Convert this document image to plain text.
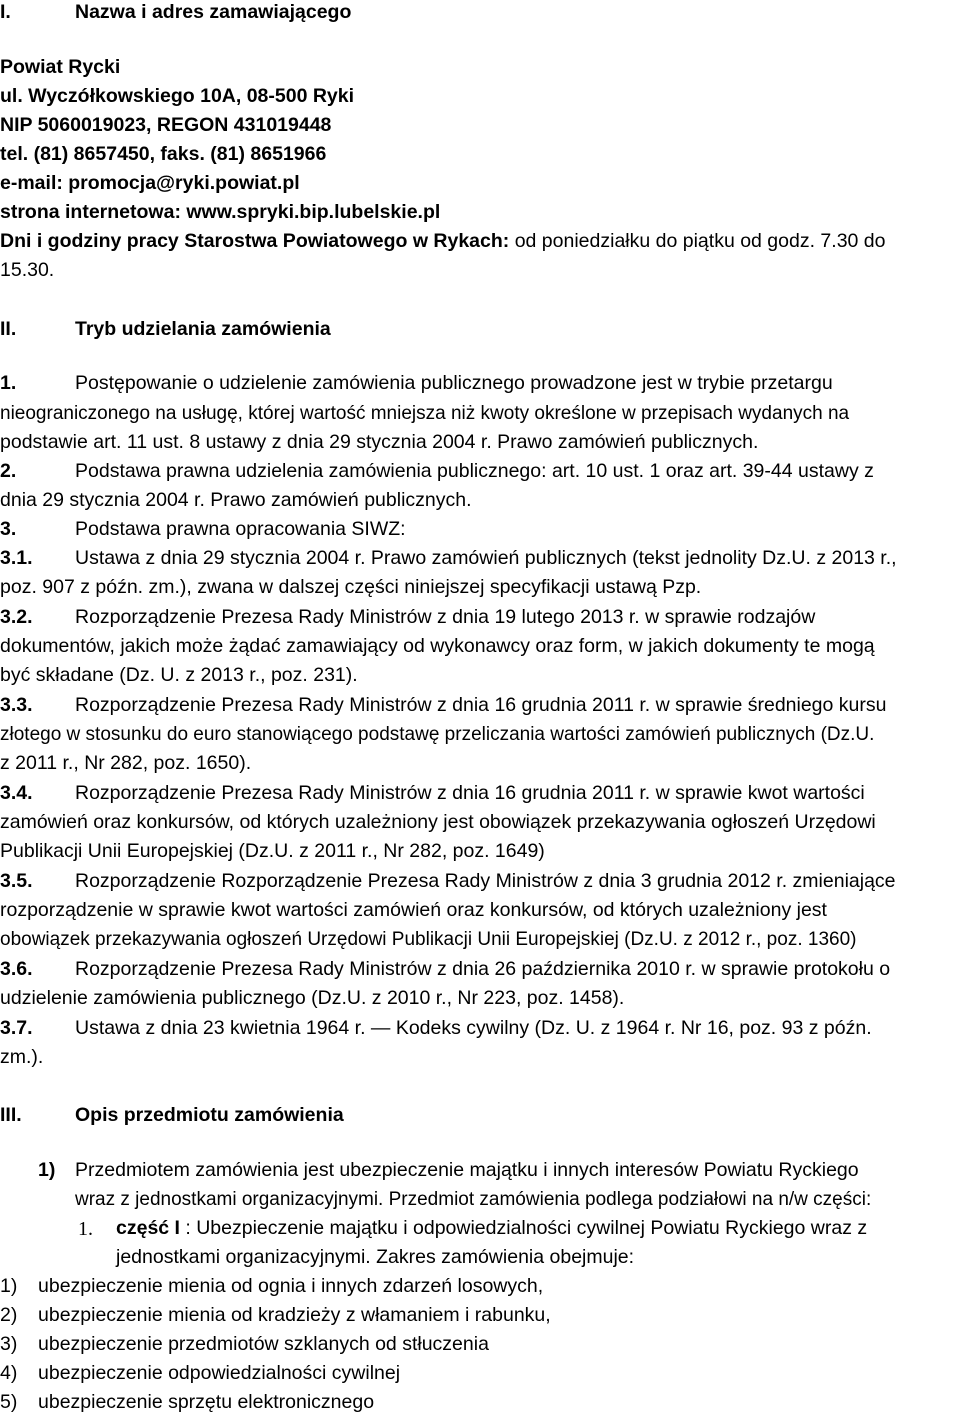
I.	Nazwa i adres zamawiającego
Powiat Rycki
ul. Wyczółkowskiego 10A, 08-500 Ryki
NIP 5060019023, REGON 431019448
tel. (81) 8657450, faks. (81) 8651966
e-mail: promocja@ryki.powiat.pl
strona internetowa: www.spryki.bip.lubelskie.pl
Dni i godziny pracy Starostwa Powiatowego w Rykach: od poniedziałku do piątku od godz. 7.30 do
15.30.
II.	Tryb udzielania zamówienia
1.	Postępowanie o udzielenie zamówienia publicznego prowadzone jest w trybie przetargu
nieograniczonego na usługę, której wartość mniejsza niż kwoty określone w przepisach wydanych na
podstawie art. 11 ust. 8 ustawy z dnia 29 stycznia 2004 r. Prawo zamówień publicznych.
2.	Podstawa prawna udzielenia zamówienia publicznego: art. 10 ust. 1 oraz art. 39-44 ustawy z
dnia 29 stycznia 2004 r. Prawo zamówień publicznych.
3.	Podstawa prawna opracowania SIWZ:
3.1. Ustawa z dnia 29 stycznia 2004 r. Prawo zamówień publicznych (tekst jednolity Dz.U. z 2013 r.,
poz. 907 z późn. zm.), zwana w dalszej części niniejszej specyfikacji ustawą Pzp.
3.2. Rozporządzenie Prezesa Rady Ministrów z dnia 19 lutego 2013 r. w sprawie rodzajów
dokumentów, jakich może żądać zamawiający od wykonawcy oraz form, w jakich dokumenty te mogą
być składane (Dz. U. z 2013 r., poz. 231).
3.3. Rozporządzenie Prezesa Rady Ministrów z dnia 16 grudnia 2011 r. w sprawie średniego kursu
złotego w stosunku do euro stanowiącego podstawę przeliczania wartości zamówień publicznych (Dz.U.
z 2011 r., Nr 282, poz. 1650).
3.4. Rozporządzenie Prezesa Rady Ministrów z dnia 16 grudnia 2011 r. w sprawie kwot wartości
zamówień oraz konkursów, od których uzależniony jest obowiązek przekazywania ogłoszeń Urzędowi
Publikacji Unii Europejskiej (Dz.U. z 2011 r., Nr 282, poz. 1649)
3.5. Rozporządzenie Rozporządzenie Prezesa Rady Ministrów z dnia 3 grudnia 2012 r. zmieniające
rozporządzenie w sprawie kwot wartości zamówień oraz konkursów, od których uzależniony jest
obowiązek przekazywania ogłoszeń Urzędowi Publikacji Unii Europejskiej (Dz.U. z 2012 r., poz. 1360)
3.6. Rozporządzenie Prezesa Rady Ministrów z dnia 26 października 2010 r. w sprawie protokołu o
udzielenie zamówienia publicznego (Dz.U. z 2010 r., Nr 223, poz. 1458).
3.7. Ustawa z dnia 23 kwietnia 1964 r. — Kodeks cywilny (Dz. U. z 1964 r. Nr 16, poz. 93 z późn.
zm.).
III.	Opis przedmiotu zamówienia
1) Przedmiotem zamówienia jest ubezpieczenie majątku i innych interesów Powiatu Ryckiego
wraz z jednostkami organizacyjnymi. Przedmiot zamówienia podlega podziałowi na n/w części:
1. część I : Ubezpieczenie majątku i odpowiedzialności cywilnej Powiatu Ryckiego wraz z
jednostkami organizacyjnymi. Zakres zamówienia obejmuje:
1) ubezpieczenie mienia od ognia i innych zdarzeń losowych,
2) ubezpieczenie mienia od kradzieży z włamaniem i rabunku,
3) ubezpieczenie przedmiotów szklanych od stłuczenia
4) ubezpieczenie odpowiedzialności cywilnej
5) ubezpieczenie sprzętu elektronicznego
